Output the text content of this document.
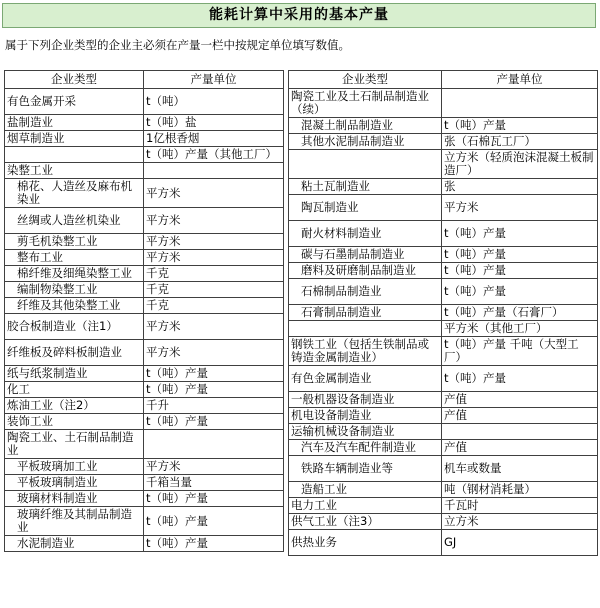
能耗计算中采用的基本产量
属于下列企业类型的企业主必须在产量一栏中按规定单位填写数值。
企业类型	产量单位
有色金属开采	t（吨）
盐制造业	t（吨）盐
烟草制造业	1亿根香烟
	t（吨）产量（其他工厂）
染整工业	
棉花、人造丝及麻布机染业	平方米
丝绸或人造丝机染业	平方米
剪毛机染整工业	平方米
整布工业	平方米
棉纤维及细绳染整工业	千克
编制物染整工业	千克
纤维及其他染整工业	千克
胶合板制造业（注1）	平方米
纤维板及碎料板制造业	平方米
纸与纸浆制造业	t（吨）产量
化工	t（吨）产量
炼油工业（注2）	千升
装饰工业	t（吨）产量
陶瓷工业、土石制品制造业	
平板玻璃加工业	平方米
平板玻璃制造业	千箱当量
玻璃材料制造业	t（吨）产量
玻璃纤维及其制品制造业	t（吨）产量
水泥制造业	t（吨）产量
企业类型	产量单位
陶瓷工业及土石制品制造业（续）	
混凝土制品制造业	t（吨）产量
其他水泥制品制造业	张（石棉瓦工厂）
	立方米（轻质泡沫混凝土板制造厂）
粘土瓦制造业	张
陶瓦制造业	平方米
耐火材料制造业	t（吨）产量
碳与石墨制品制造业	t（吨）产量
磨料及研磨制品制造业	t（吨）产量
石棉制品制造业	t（吨）产量
石膏制品制造业	t（吨）产量（石膏厂）
	平方米（其他工厂）
钢铁工业（包括生铁制品或铸造金属制造业）	t（吨）产量 千吨（大型工厂）
有色金属制造业	t（吨）产量
一般机器设备制造业	产值
机电设备制造业	产值
运输机械设备制造业	
汽车及汽车配件制造业	产值
铁路车辆制造业等	机车或数量
造船工业	吨（钢材消耗量）
电力工业	千瓦时
供气工业（注3）	立方米
供热业务	GJ
